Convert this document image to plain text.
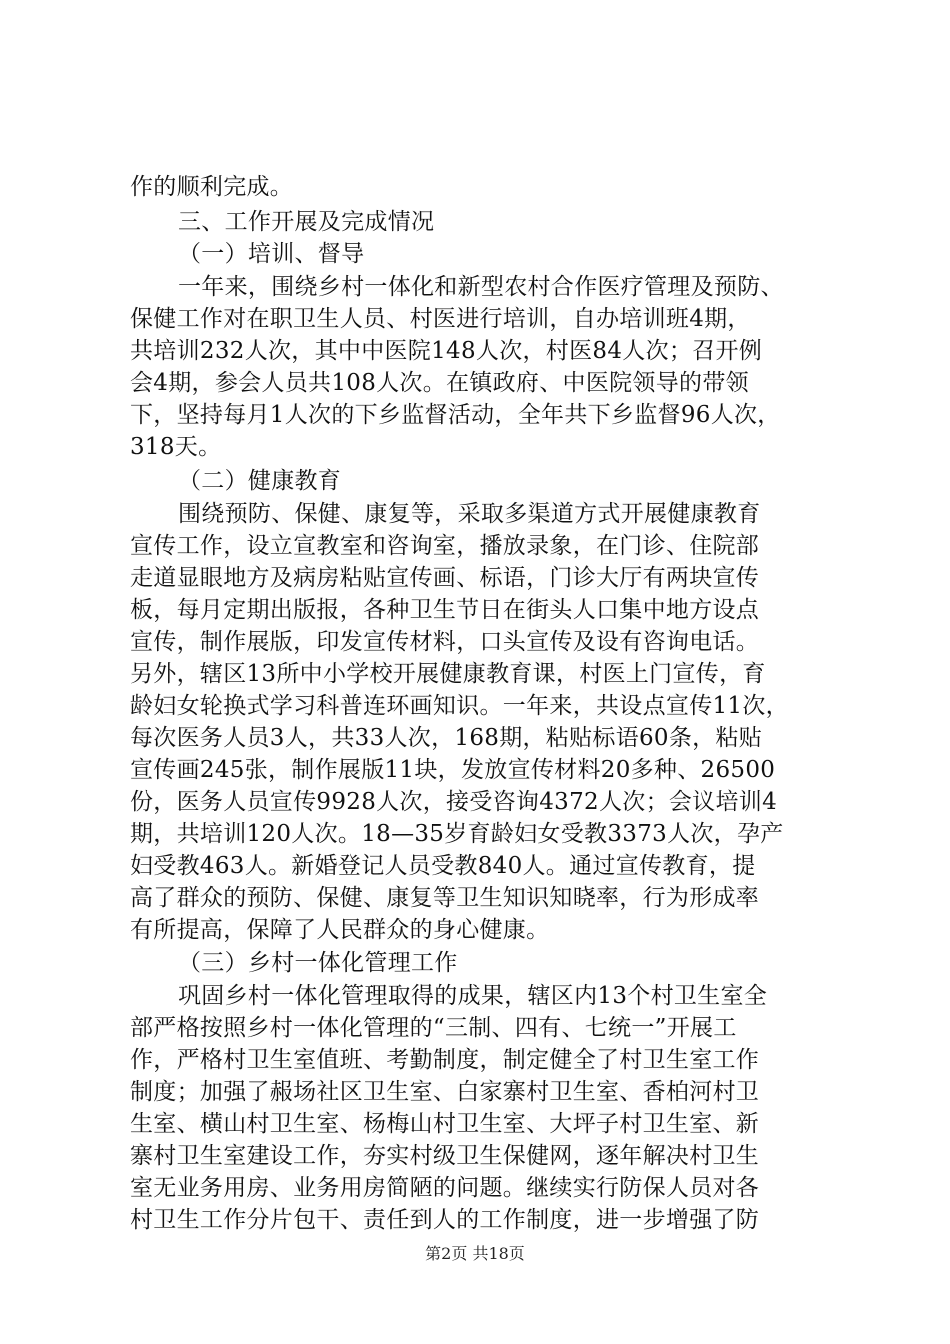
作的顺利完成。
三、工作开展及完成情况
（一）培训、督导
一年来，围绕乡村一体化和新型农村合作医疗管理及预防、
保健工作对在职卫生人员、村医进行培训，自办培训班4期，
共培训232人次，其中中医院148人次，村医84人次；召开例
会4期，参会人员共108人次。在镇政府、中医院领导的带领
下，坚持每月1人次的下乡监督活动，全年共下乡监督96人次，
318天。
（二）健康教育
围绕预防、保健、康复等，采取多渠道方式开展健康教育
宣传工作，设立宣教室和咨询室，播放录象，在门诊、住院部
走道显眼地方及病房粘贴宣传画、标语，门诊大厅有两块宣传
板，每月定期出版报，各种卫生节日在街头人口集中地方设点
宣传，制作展版，印发宣传材料，口头宣传及设有咨询电话。
另外，辖区13所中小学校开展健康教育课，村医上门宣传，育
龄妇女轮换式学习科普连环画知识。一年来，共设点宣传11次，
每次医务人员3人，共33人次，168期，粘贴标语60条，粘贴
宣传画245张，制作展版11块，发放宣传材料20多种、26500
份，医务人员宣传9928人次，接受咨询4372人次；会议培训4
期，共培训120人次。18—35岁育龄妇女受教3373人次，孕产
妇受教463人。新婚登记人员受教840人。通过宣传教育，提
高了群众的预防、保健、康复等卫生知识知晓率，行为形成率
有所提高，保障了人民群众的身心健康。
（三）乡村一体化管理工作
巩固乡村一体化管理取得的成果，辖区内13个村卫生室全
部严格按照乡村一体化管理的“三制、四有、七统一”开展工
作，严格村卫生室值班、考勤制度，制定健全了村卫生室工作
制度；加强了赧场社区卫生室、白家寨村卫生室、香柏河村卫
生室、横山村卫生室、杨梅山村卫生室、大坪子村卫生室、新
寨村卫生室建设工作，夯实村级卫生保健网，逐年解决村卫生
室无业务用房、业务用房简陋的问题。继续实行防保人员对各
村卫生工作分片包干、责任到人的工作制度，进一步增强了防
第2页 共18页
